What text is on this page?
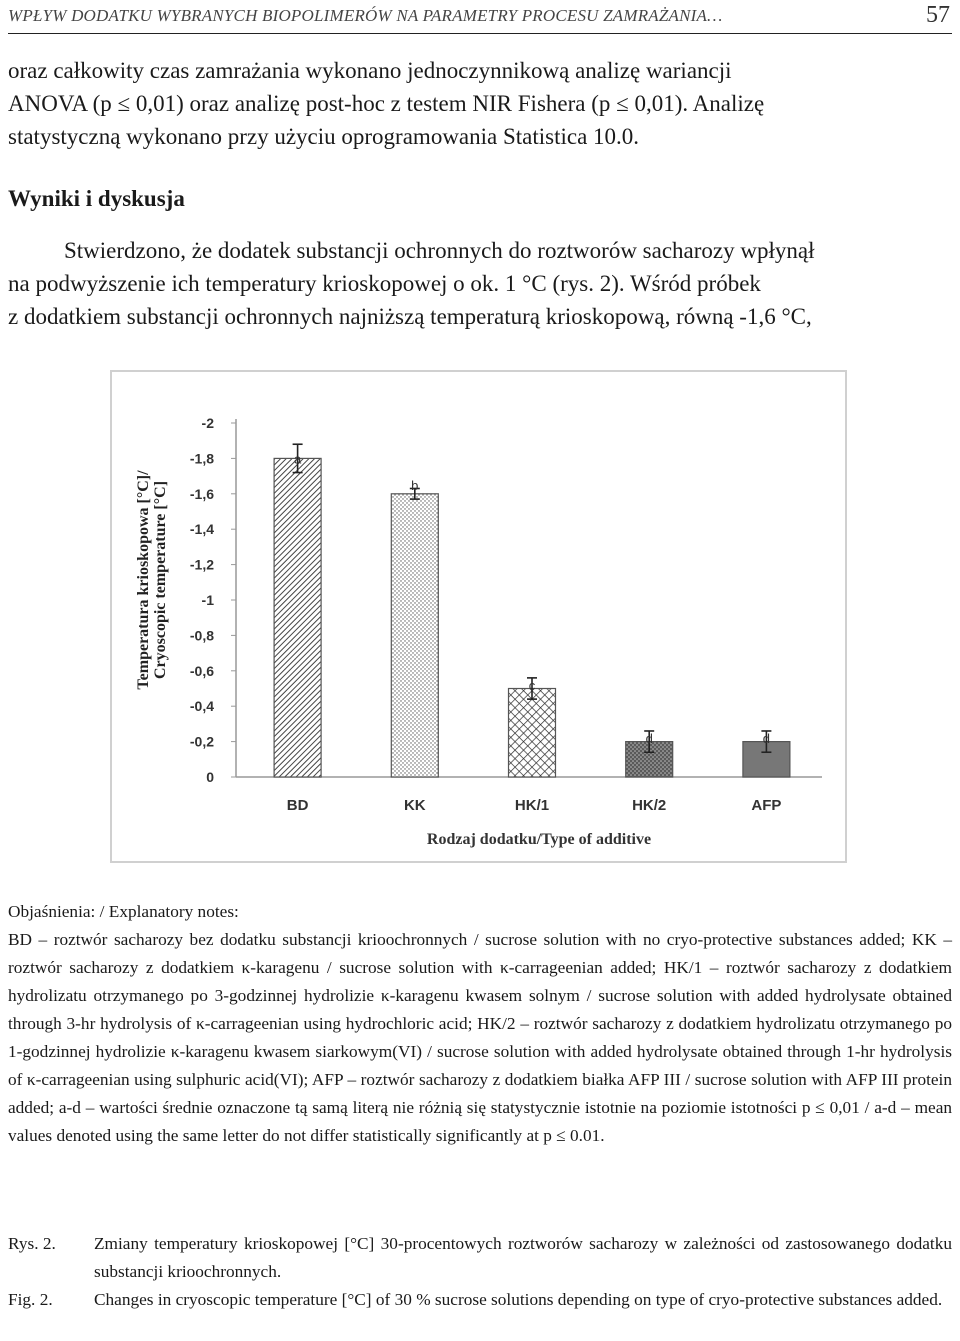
WPŁYW DODATKU WYBRANYCH BIOPOLIMERÓW NA PARAMETRY PROCESU ZAMRAŻANIA…	57
oraz całkowity czas zamrażania wykonano jednoczynnikową analizę wariancji
ANOVA (p ≤ 0,01) oraz analizę post-hoc z testem NIR Fishera (p ≤ 0,01). Analizę
statystyczną wykonano przy użyciu oprogramowania Statistica 10.0.
Wyniki i dyskusja
Stwierdzono, że dodatek substancji ochronnych do roztworów sacharozy wpłynął
na podwyższenie ich temperatury krioskopowej o ok. 1 °C (rys. 2). Wśród próbek
z dodatkiem substancji ochronnych najniższą temperaturą krioskopową, równą -1,6 °C,
-2
-1,8
-1,6
-1,4
-1,2
-1
-0,8
-0,6
-0,4
-0,2
0
Temperatura krioskopowa [°C]/ Cryoscopic temperature [°C]
a
BD
b
KK
c
HK/1
d
HK/2
d
AFP
Rodzaj dodatku/Type of additive
Objaśnienia: / Explanatory notes:
BD – roztwór sacharozy bez dodatku substancji krioochronnych / sucrose solution with no cryo-protective substances added; KK – roztwór sacharozy z dodatkiem κ-karagenu / sucrose solution with κ-carrageenian added; HK/1 – roztwór sacharozy z dodatkiem hydrolizatu otrzymanego po 3-godzinnej hydrolizie κ-karagenu kwasem solnym / sucrose solution with added hydrolysate obtained through 3-hr hydrolysis of κ-carrageenian using hydrochloric acid; HK/2 – roztwór sacharozy z dodatkiem hydrolizatu otrzymanego po 1-godzinnej hydrolizie κ-karagenu kwasem siarkowym(VI) / sucrose solution with added hydrolysate obtained through 1-hr hydrolysis of κ-carrageenian using sulphuric acid(VI); AFP – roztwór sacharozy z dodatkiem białka AFP III / sucrose solution with AFP III protein added; a-d – wartości średnie oznaczone tą samą literą nie różnią się statystycznie istotnie na poziomie istotności p ≤ 0,01 / a-d – mean values denoted using the same letter do not differ statistically significantly at p ≤ 0.01.
Rys. 2.	Zmiany temperatury krioskopowej [°C] 30-procentowych roztworów sacharozy w zależności od zastosowanego dodatku substancji krioochronnych.
Fig. 2.	Changes in cryoscopic temperature [°C] of 30 % sucrose solutions depending on type of cryo-protective substances added.
